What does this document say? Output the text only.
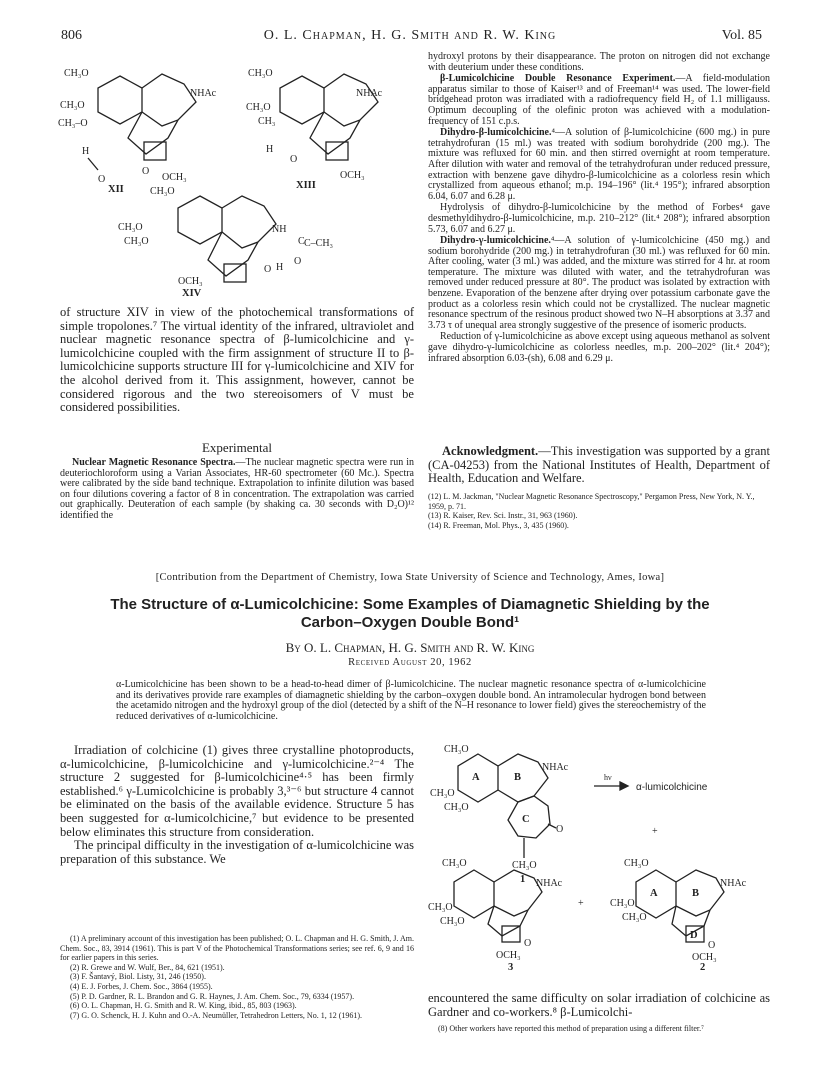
806	O. L. Chapman, H. G. Smith and R. W. King	Vol. 85
CH₃O
NHAc
O
OCH₃
CH₃O
CH₃–O
H
O
XII
CH₃O
NHAc
OCH₃
CH₃O
CH₃
H
O
XIII
CH₃O
NH
C C–CH₃
CH₃O
CH₃O
O H
O
OCH₃
XIV

of structure XIV in view of the photochemical transformations of simple tropolones.⁷ The virtual identity of the infrared, ultraviolet and nuclear magnetic resonance spectra of β-lumicolchicine and γ-lumicolchicine coupled with the firm assignment of structure II to β-lumicolchicine supports structure III for γ-lumicolchicine and XIV for the alcohol derived from it. This assignment, however, cannot be considered rigorous and the two stereoisomers of V must be considered possibilities.

Experimental

Nuclear Magnetic Resonance Spectra.—The nuclear magnetic spectra were run in deuteriochloroform using a Varian Associates, HR-60 spectrometer (60 Mc.). Spectra were calibrated by the side band technique. Extrapolation to infinite dilution was based on four dilutions covering a factor of 8 in concentration. The extrapolation was carried out graphically. Deuteration of each sample (by shaking ca. 30 seconds with D₂O)¹² identified the

hydroxyl protons by their disappearance. The proton on nitrogen did not exchange with deuterium under these conditions.

β-Lumicolchicine Double Resonance Experiment.—A field-modulation apparatus similar to those of Kaiser¹³ and of Freeman¹⁴ was used. The lower-field bridgehead proton was irradiated with a radiofrequency field H₂ of 1.1 milligauss. Optimum decoupling of the olefinic proton was achieved with a modulation-frequency of 151 c.p.s.

Dihydro-β-lumicolchicine.⁴—A solution of β-lumicolchicine (600 mg.) in pure tetrahydrofuran (15 ml.) was treated with sodium borohydride (200 mg.). The mixture was refluxed for 60 min. and then stirred overnight at room temperature. After dilution with water and removal of the tetrahydrofuran under reduced pressure, extraction with benzene gave dihydro-β-lumicolchicine as a colorless resin which crystallized from aqueous ethanol; m.p. 194–196° (lit.⁴ 195°); infrared absorption 6.04, 6.07 and 6.28 μ.

Hydrolysis of dihydro-β-lumicolchicine by the method of Forbes⁴ gave desmethyldihydro-β-lumicolchicine, m.p. 210–212° (lit.⁴ 208°); infrared absorption 5.73, 6.07 and 6.27 μ.

Dihydro-γ-lumicolchicine.⁴—A solution of γ-lumicolchicine (450 mg.) and sodium borohydride (200 mg.) in tetrahydrofuran (30 ml.) was refluxed for 60 min. After cooling, water (3 ml.) was added, and the mixture was stirred for 4 hr. at room temperature. The mixture was diluted with water, and the tetrahydrofuran was removed under reduced pressure at 80°. The product was isolated by extraction with benzene. Evaporation of the benzene after drying over potassium carbonate gave the product as a colorless resin which could not be crystallized. The nuclear magnetic resonance spectrum of the resinous product showed two N–H absorptions at 3.37 and 3.73 τ of unequal area strongly suggestive of the presence of isomeric products.

Reduction of γ-lumicolchicine as above except using aqueous methanol as solvent gave dihydro-γ-lumicolchicine as colorless needles, m.p. 200–202° (lit.⁴ 204°); infrared absorption 6.03-(sh), 6.08 and 6.29 μ.

Acknowledgment.—This investigation was supported by a grant (CA-04253) from the National Institutes of Health, Department of Health, Education and Welfare.

(12) L. M. Jackman, "Nuclear Magnetic Resonance Spectroscopy," Pergamon Press, New York, N. Y., 1959, p. 71.
(13) R. Kaiser, Rev. Sci. Instr., 31, 963 (1960).
(14) R. Freeman, Mol. Phys., 3, 435 (1960).
[Contribution from the Department of Chemistry, Iowa State University of Science and Technology, Ames, Iowa]
The Structure of α-Lumicolchicine: Some Examples of Diamagnetic Shielding by the
Carbon–Oxygen Double Bond¹
By O. L. Chapman, H. G. Smith and R. W. King
Received August 20, 1962

α-Lumicolchicine has been shown to be a head-to-head dimer of β-lumicolchicine. The nuclear magnetic resonance spectra of α-lumicolchicine and its derivatives provide rare examples of diamagnetic shielding by the carbon–oxygen double bond. An intramolecular hydrogen bond between the acetamido nitrogen and the hydroxyl group of the diol (detected by a shift of the N–H resonance to lower field) gives the stereochemistry of the reduced derivatives of α-lumicolchicine.

Irradiation of colchicine (1) gives three crystalline photoproducts, α-lumicolchicine, β-lumicolchicine and γ-lumicolchicine.²⁻⁴ The structure 2 suggested for β-lumicolchicine⁴·⁵ has been firmly established.⁶ γ-Lumicolchicine is probably 3,³⁻⁶ but structure 4 cannot be eliminated on the basis of the available evidence. Structure 5 has been suggested for α-lumicolchicine,⁷ but evidence to be presented below eliminates this structure from consideration.

The principal difficulty in the investigation of α-lumicolchicine was preparation of this substance. We

(1) A preliminary account of this investigation has been published; O. L. Chapman and H. G. Smith, J. Am. Chem. Soc., 83, 3914 (1961). This is part V of the Photochemical Transformations series; see ref. 6, 9 and 16 for earlier papers in this series.
(2) R. Grewe and W. Wulf, Ber., 84, 621 (1951).
(3) F. Šantavý, Biol. Listy, 31, 246 (1950).
(4) E. J. Forbes, J. Chem. Soc., 3864 (1955).
(5) P. D. Gardner, R. L. Brandon and G. R. Haynes, J. Am. Chem. Soc., 79, 6334 (1957).
(6) O. L. Chapman, H. G. Smith and R. W. King, ibid., 85, 803 (1963).
(7) G. O. Schenck, H. J. Kuhn and O.-A. Neumüller, Tetrahedron Letters, No. 1, 12 (1961).
CH₃O
A	B
NHAc
C
O
CH₃O
CH₃O
CH₃O
1
hν
α-lumicolchicine
+
CH₃O
NHAc
O
CH₃O
CH₃O
OCH₃
3
+
CH₃O
A	B
NHAc
D
O
CH₃O
CH₃O
OCH₃
2

encountered the same difficulty on solar irradiation of colchicine as Gardner and co-workers.⁸ β-Lumicolchi-

(8) Other workers have reported this method of preparation using a different filter.⁷
